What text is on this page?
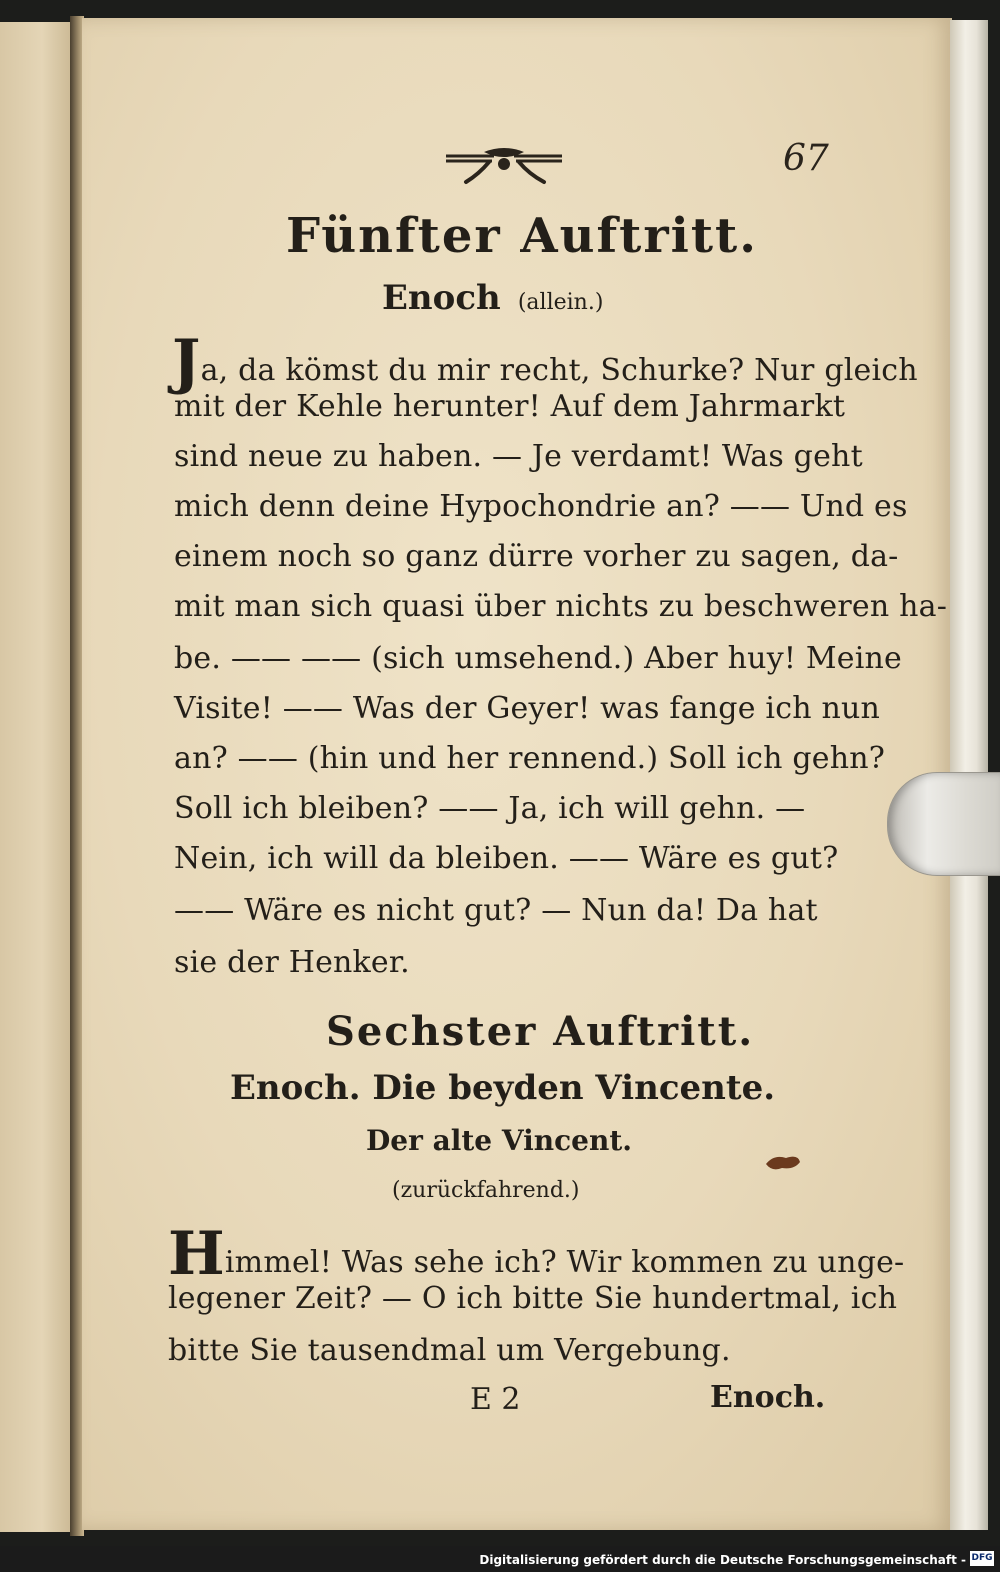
67
Fünfter Auftritt.
Enoch (allein.)
Ja, da kömst du mir recht, Schurke? Nur gleich
mit der Kehle herunter! Auf dem Jahrmarkt
sind neue zu haben. — Je verdamt! Was geht
mich denn deine Hypochondrie an? —— Und es
einem noch so ganz dürre vorher zu sagen, da-
mit man sich quasi über nichts zu beschweren ha-
be. —— —— (sich umsehend.) Aber huy! Meine
Visite! —— Was der Geyer! was fange ich nun
an? —— (hin und her rennend.) Soll ich gehn?
Soll ich bleiben? —— Ja, ich will gehn. —
Nein, ich will da bleiben. —— Wäre es gut?
—— Wäre es nicht gut? — Nun da! Da hat
sie der Henker.
Sechster Auftritt.
Enoch. Die beyden Vincente.
Der alte Vincent.
(zurückfahrend.)
Himmel! Was sehe ich? Wir kommen zu unge-
legener Zeit? — O ich bitte Sie hundertmal, ich
bitte Sie tausendmal um Vergebung.
E 2	Enoch.
Digitalisierung gefördert durch die Deutsche Forschungsgemeinschaft - DFG
